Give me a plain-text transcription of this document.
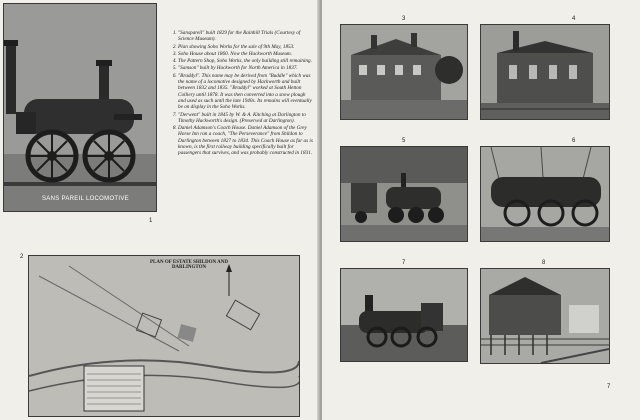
SANS PAREIL LOCOMOTIVE
1
1. "Sanspareil" built 1829 for the Rainhill Trials (Courtesy of Science Museum).
2. Plan showing Soho Works for the sale of 9th May, 1853.
3. Soho House about 1860. Now the Hackworth Museum.
4. The Pattern Shop, Soho Works, the only building still remaining.
5. "Samson" built by Hackworth for North America in 1837.
6. "Braddyl". This name may be derived from "Buddle" which was the name of a locomotive designed by Hackworth and built between 1832 and 1835. "Braddyl" worked at South Hetton Colliery until 1878. It was then converted into a snow plough and used as such until the late 1940s. Its remains will eventually be on display in the Soho Works.
7. "Derwent" built in 1845 by W. & A. Kitching at Darlington to Timothy Hackworth's design. (Preserved at Darlington).
8. Daniel Adamson's Coach House. Daniel Adamson of the Grey Horse Inn ran a coach, "The Perseverance" from Shildon to Darlington between 1827 to 1834. This Coach House as far as is known, is the first railway building specifically built for passengers that survives, and was probably constructed in 1831.
2
PLAN OF ESTATE SHILDON AND DARLINGTON
3	4
5	6
7	8
7
